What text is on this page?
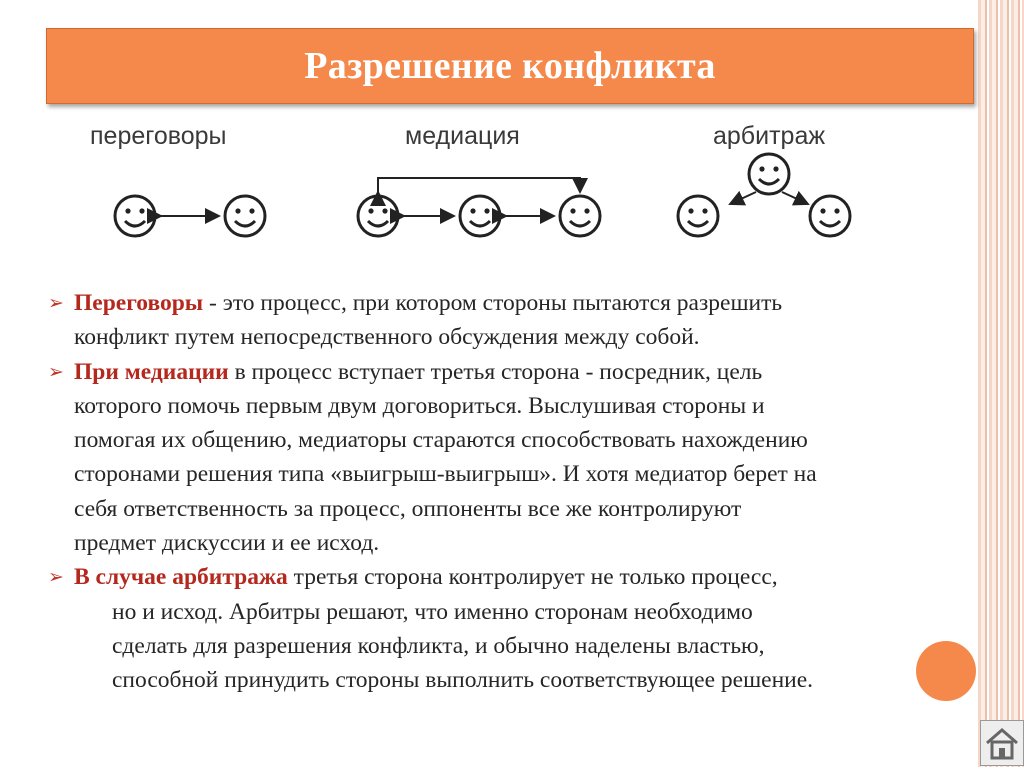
Разрешение конфликта
переговоры	медиация	арбитраж
➢ Переговоры - это процесс, при котором стороны пытаются разрешить
конфликт путем непосредственного обсуждения между собой.
➢ При медиации в процесс вступает третья сторона - посредник, цель
которого помочь первым двум договориться. Выслушивая стороны и
помогая их общению, медиаторы стараются способствовать нахождению
сторонами решения типа «выигрыш-выигрыш». И хотя медиатор берет на
себя ответственность за процесс, оппоненты все же контролируют
предмет дискуссии и ее исход.
➢ В случае арбитража третья сторона контролирует не только процесс,

но и исход. Арбитры решают, что именно сторонам необходимо
сделать для разрешения конфликта, и обычно наделены властью,
способной принудить стороны выполнить соответствующее решение.
